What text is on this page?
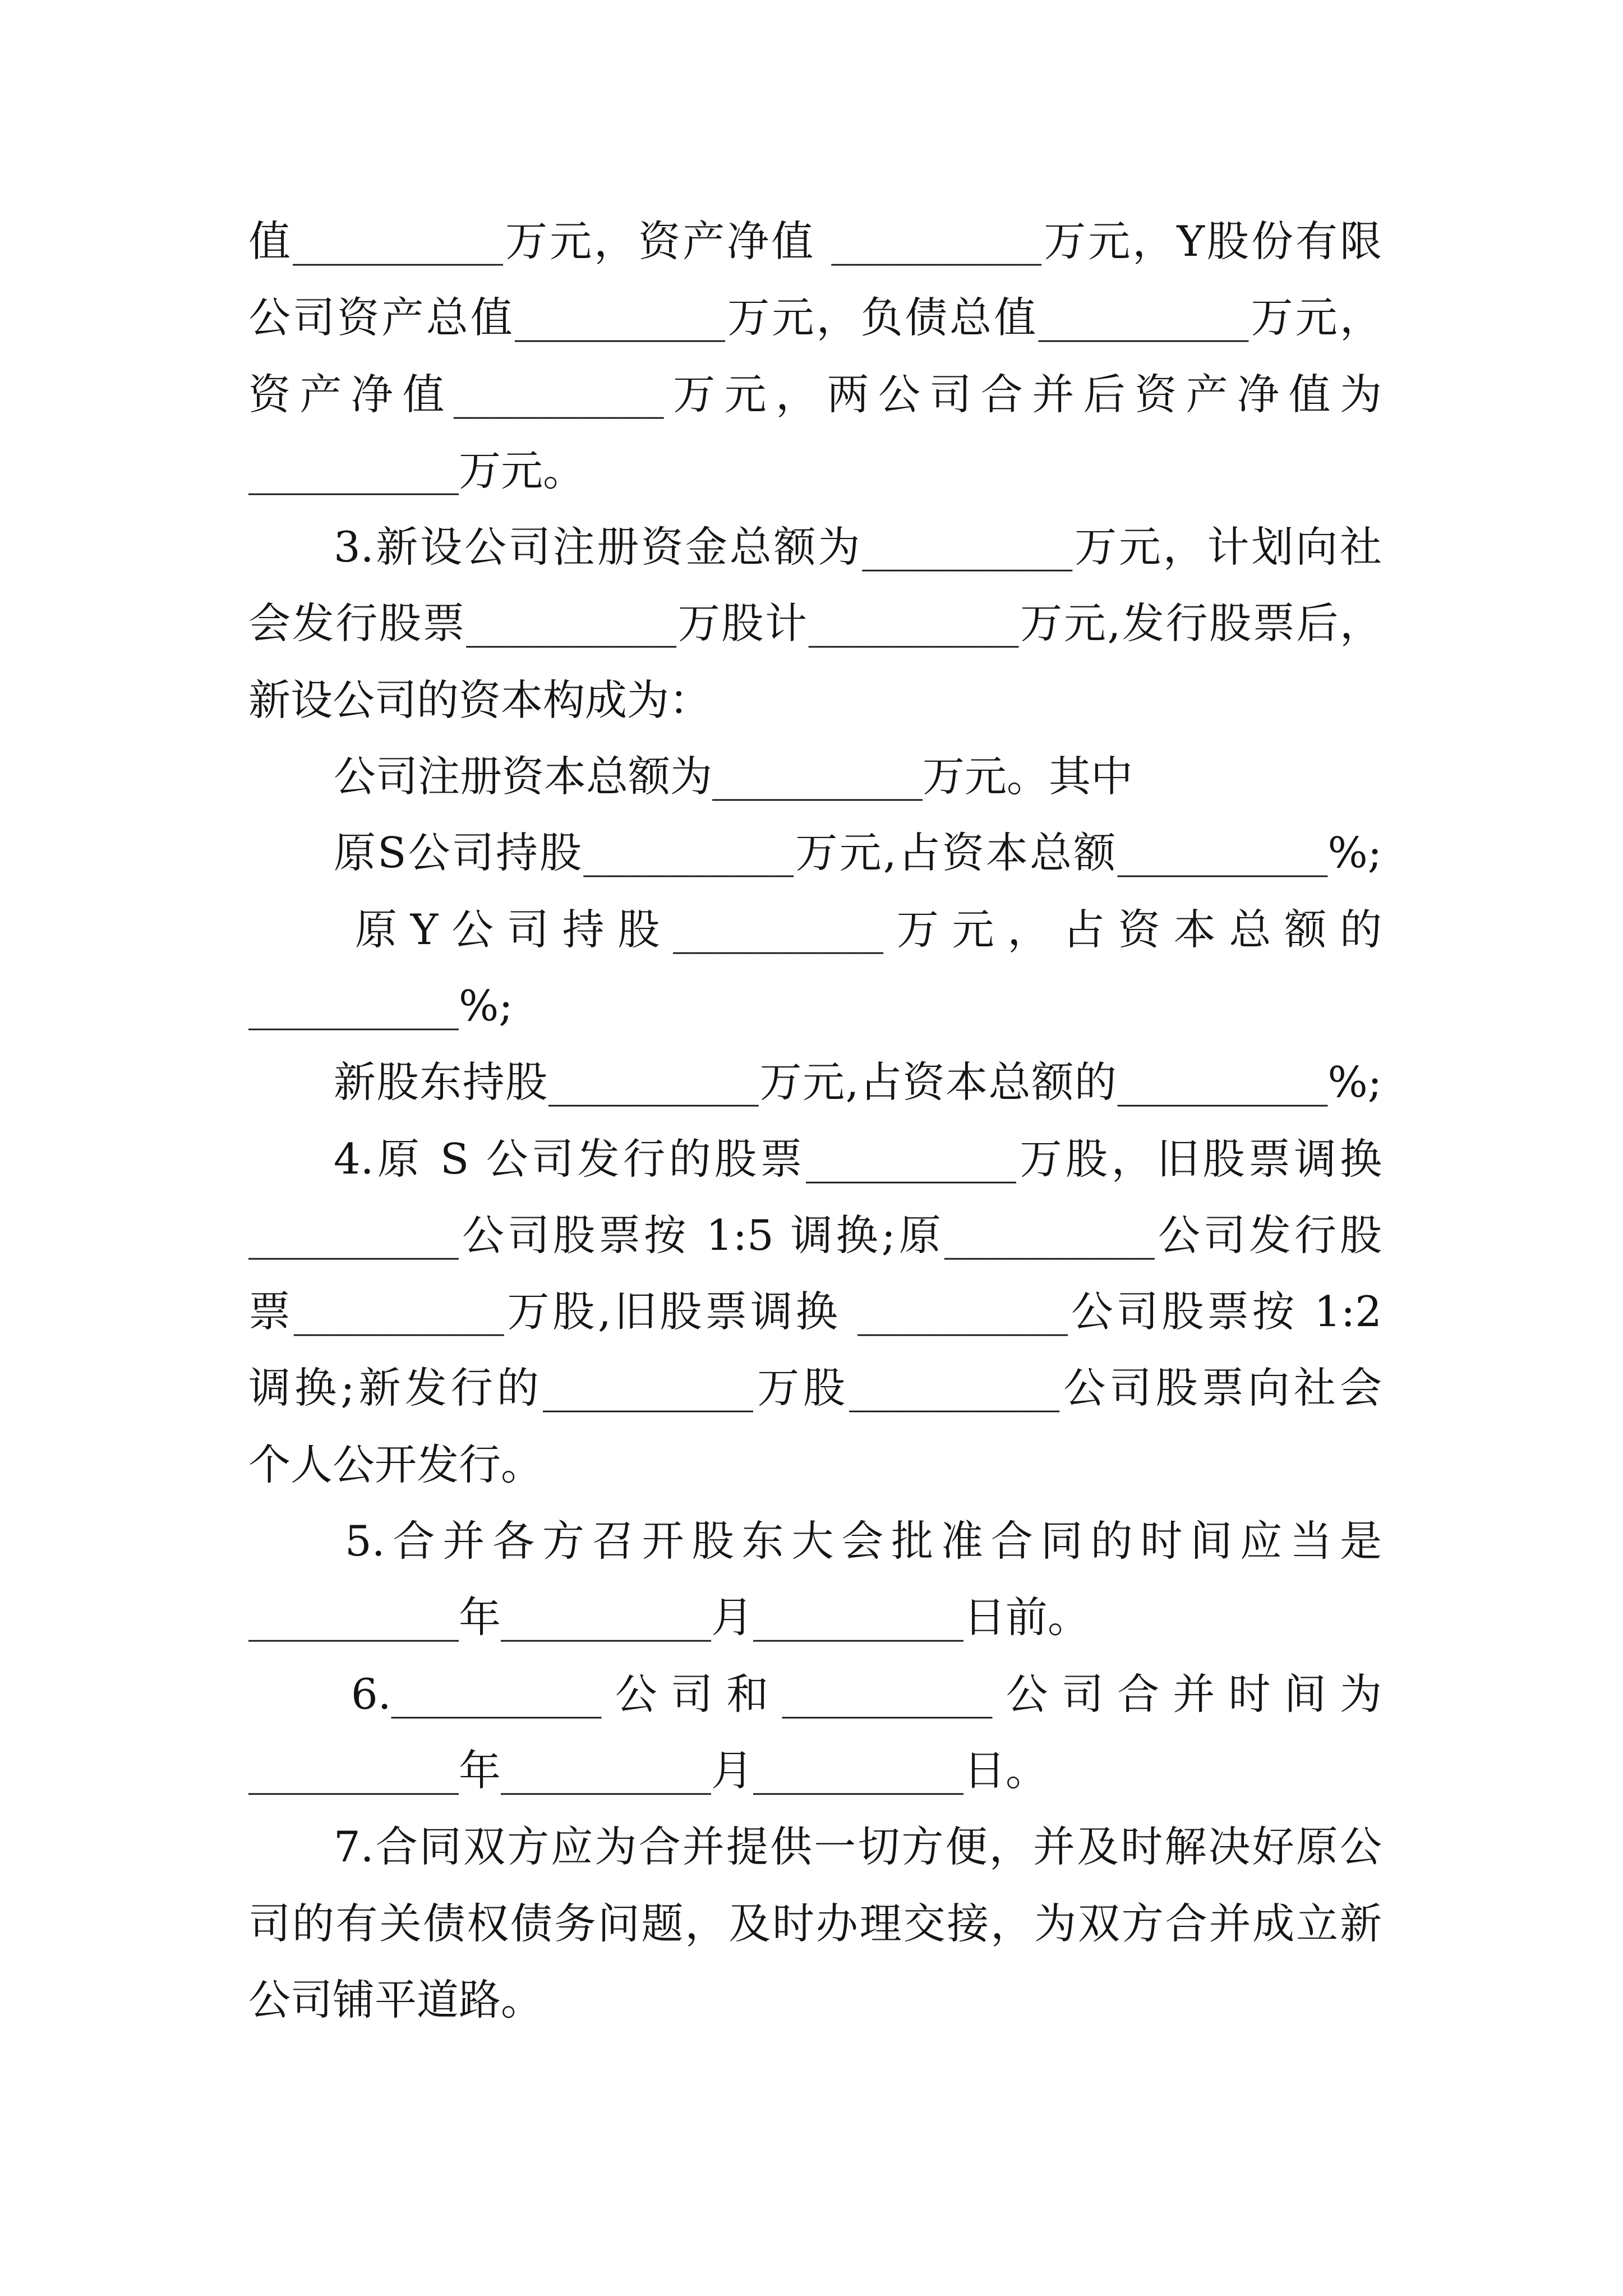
值__________万元，资产净值 __________万元，Y股份有限
公司资产总值__________万元，负债总值__________万元，
资产净值__________万元，两公司合并后资产净值为
__________万元。
3.新设公司注册资金总额为__________万元，计划向社
会发行股票__________万股计__________万元,发行股票后，
新设公司的资本构成为：
公司注册资本总额为__________万元。其中
原S公司持股__________万元,占资本总额__________%;
原Y公司持股__________万元，占资本总额的
__________%;
新股东持股__________万元,占资本总额的__________%;
4.原 S 公司发行的股票__________万股，旧股票调换
__________公司股票按 1:5 调换;原__________公司发行股
票__________万股,旧股票调换 __________公司股票按 1:2
调换;新发行的__________万股__________公司股票向社会
个人公开发行。
5.合并各方召开股东大会批准合同的时间应当是
__________年__________月__________日前。
6.__________公司和__________公司合并时间为
__________年__________月__________日。
7.合同双方应为合并提供一切方便，并及时解决好原公
司的有关债权债务问题，及时办理交接，为双方合并成立新
公司铺平道路。
